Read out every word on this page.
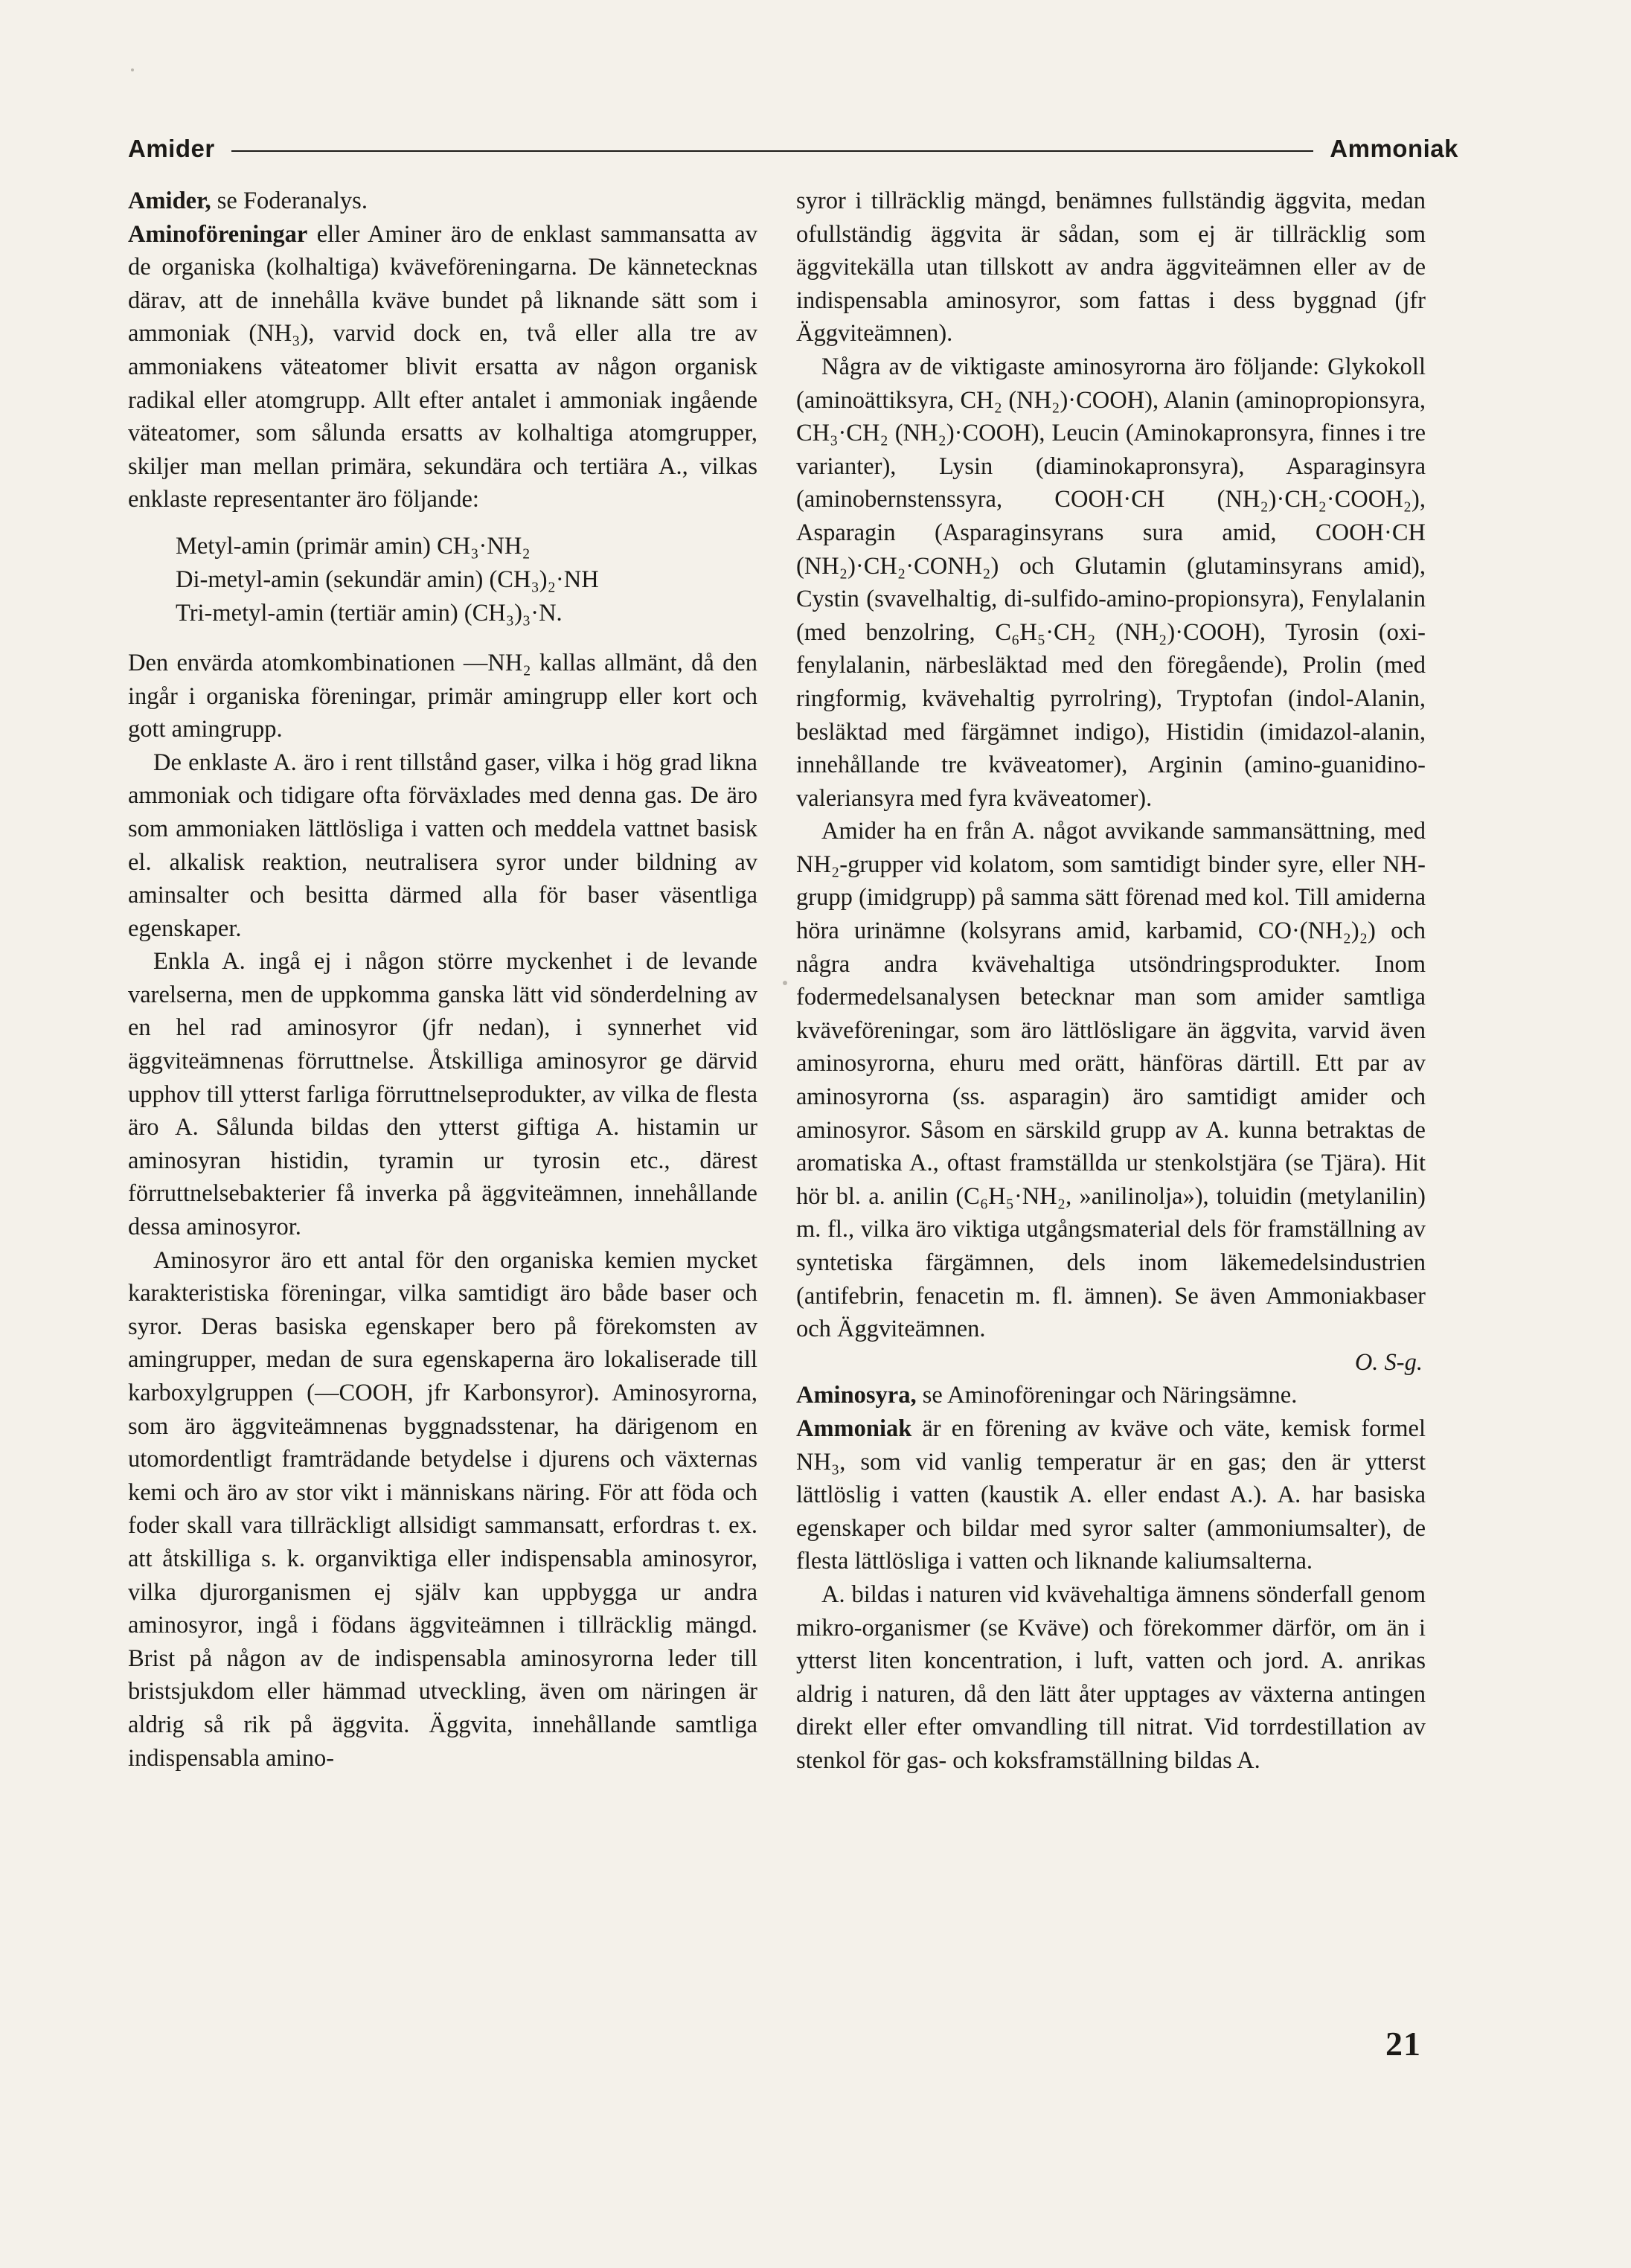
Amider	Ammoniak

Amider, se Foderanalys.

Aminoföreningar eller Aminer äro de enklast sammansatta av de organiska (kolhaltiga) kväveföreningarna. De kännetecknas därav, att de innehålla kväve bundet på liknande sätt som i ammoniak (NH₃), varvid dock en, två eller alla tre av ammoniakens väteatomer blivit ersatta av någon organisk radikal eller atomgrupp. Allt efter antalet i ammoniak ingående väteatomer, som sålunda ersatts av kolhaltiga atomgrupper, skiljer man mellan primära, sekundära och tertiära A., vilkas enklaste representanter äro följande:

Metyl-amin (primär amin) CH₃·NH₂
Di-metyl-amin (sekundär amin) (CH₃)₂·NH
Tri-metyl-amin (tertiär amin) (CH₃)₃·N.

Den envärda atomkombinationen —NH₂ kallas allmänt, då den ingår i organiska föreningar, primär amingrupp eller kort och gott amingrupp.

De enklaste A. äro i rent tillstånd gaser, vilka i hög grad likna ammoniak och tidigare ofta förväxlades med denna gas. De äro som ammoniaken lättlösliga i vatten och meddela vattnet basisk el. alkalisk reaktion, neutralisera syror under bildning av aminsalter och besitta därmed alla för baser väsentliga egenskaper.

Enkla A. ingå ej i någon större myckenhet i de levande varelserna, men de uppkomma ganska lätt vid sönderdelning av en hel rad aminosyror (jfr nedan), i synnerhet vid äggviteämnenas förruttnelse. Åtskilliga aminosyror ge därvid upphov till ytterst farliga förruttnelseprodukter, av vilka de flesta äro A. Sålunda bildas den ytterst giftiga A. histamin ur aminosyran histidin, tyramin ur tyrosin etc., därest förruttnelsebakterier få inverka på äggviteämnen, innehållande dessa aminosyror.

Aminosyror äro ett antal för den organiska kemien mycket karakteristiska föreningar, vilka samtidigt äro både baser och syror. Deras basiska egenskaper bero på förekomsten av amingrupper, medan de sura egenskaperna äro lokaliserade till karboxylgruppen (—COOH, jfr Karbonsyror). Aminosyrorna, som äro äggviteämnenas byggnadsstenar, ha därigenom en utomordentligt framträdande betydelse i djurens och växternas kemi och äro av stor vikt i människans näring. För att föda och foder skall vara tillräckligt allsidigt sammansatt, erfordras t. ex. att åtskilliga s. k. organviktiga eller indispensabla aminosyror, vilka djurorganismen ej själv kan uppbygga ur andra aminosyror, ingå i födans äggviteämnen i tillräcklig mängd. Brist på någon av de indispensabla aminosyrorna leder till bristsjukdom eller hämmad utveckling, även om näringen är aldrig så rik på äggvita. Äggvita, innehållande samtliga indispensabla amino-

syror i tillräcklig mängd, benämnes fullständig äggvita, medan ofullständig äggvita är sådan, som ej är tillräcklig som äggvitekälla utan tillskott av andra äggviteämnen eller av de indispensabla aminosyror, som fattas i dess byggnad (jfr Äggviteämnen).

Några av de viktigaste aminosyrorna äro följande: Glykokoll (aminoättiksyra, CH₂ (NH₂)·COOH), Alanin (aminopropionsyra, CH₃·CH₂ (NH₂)·COOH), Leucin (Aminokapronsyra, finnes i tre varianter), Lysin (diaminokapronsyra), Asparaginsyra (aminobernstenssyra, COOH·CH (NH₂)·CH₂·COOH₂), Asparagin (Asparaginsyrans sura amid, COOH·CH (NH₂)·CH₂·CONH₂) och Glutamin (glutaminsyrans amid), Cystin (svavelhaltig, di-sulfido-amino-propionsyra), Fenylalanin (med benzolring, C₆H₅·CH₂ (NH₂)·COOH), Tyrosin (oxi-fenylalanin, närbesläktad med den föregående), Prolin (med ringformig, kvävehaltig pyrrolring), Tryptofan (indol-Alanin, besläktad med färgämnet indigo), Histidin (imidazol-alanin, innehållande tre kväveatomer), Arginin (amino-guanidino-valeriansyra med fyra kväveatomer).

Amider ha en från A. något avvikande sammansättning, med NH₂-grupper vid kolatom, som samtidigt binder syre, eller NH-grupp (imidgrupp) på samma sätt förenad med kol. Till amiderna höra urinämne (kolsyrans amid, karbamid, CO·(NH₂)₂) och några andra kvävehaltiga utsöndringsprodukter. Inom fodermedelsanalysen betecknar man som amider samtliga kväveföreningar, som äro lättlösligare än äggvita, varvid även aminosyrorna, ehuru med orätt, hänföras därtill. Ett par av aminosyrorna (ss. asparagin) äro samtidigt amider och aminosyror. Såsom en särskild grupp av A. kunna betraktas de aromatiska A., oftast framställda ur stenkolstjära (se Tjära). Hit hör bl. a. anilin (C₆H₅·NH₂, »anilinolja»), toluidin (metylanilin) m. fl., vilka äro viktiga utgångsmaterial dels för framställning av syntetiska färgämnen, dels inom läkemedelsindustrien (antifebrin, fenacetin m. fl. ämnen). Se även Ammoniakbaser och Äggviteämnen.

O. S-g.

Aminosyra, se Aminoföreningar och Näringsämne.

Ammoniak är en förening av kväve och väte, kemisk formel NH₃, som vid vanlig temperatur är en gas; den är ytterst lättlöslig i vatten (kaustik A. eller endast A.). A. har basiska egenskaper och bildar med syror salter (ammoniumsalter), de flesta lättlösliga i vatten och liknande kaliumsalterna.

A. bildas i naturen vid kvävehaltiga ämnens sönderfall genom mikro-organismer (se Kväve) och förekommer därför, om än i ytterst liten koncentration, i luft, vatten och jord. A. anrikas aldrig i naturen, då den lätt åter upptages av växterna antingen direkt eller efter omvandling till nitrat. Vid torrdestillation av stenkol för gas- och koksframställning bildas A.

21
